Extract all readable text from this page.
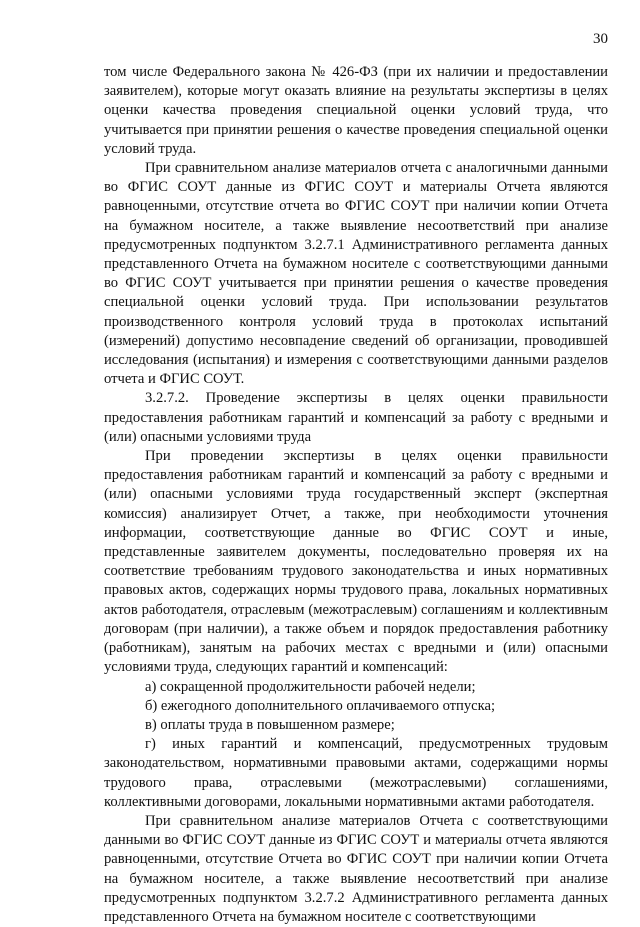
30

том числе Федерального закона № 426-ФЗ (при их наличии и предоставлении заявителем), которые могут оказать влияние на результаты экспертизы в целях оценки качества проведения специальной оценки условий труда, что учитывается при принятии решения о качестве проведения специальной оценки условий труда.

При сравнительном анализе материалов отчета с аналогичными данными во ФГИС СОУТ данные из ФГИС СОУТ и материалы Отчета являются равноценными, отсутствие отчета во ФГИС СОУТ при наличии копии Отчета на бумажном носителе, а также выявление несоответствий при анализе предусмотренных подпунктом 3.2.7.1 Административного регламента данных представленного Отчета на бумажном носителе с соответствующими данными во ФГИС СОУТ учитывается при принятии решения о качестве проведения специальной оценки условий труда. При использовании результатов производственного контроля условий труда в протоколах испытаний (измерений) допустимо несовпадение сведений об организации, проводившей исследования (испытания) и измерения с соответствующими данными разделов отчета и ФГИС СОУТ.

3.2.7.2. Проведение экспертизы в целях оценки правильности предоставления работникам гарантий и компенсаций за работу с вредными и (или) опасными условиями труда

При проведении экспертизы в целях оценки правильности предоставления работникам гарантий и компенсаций за работу с вредными и (или) опасными условиями труда государственный эксперт (экспертная комиссия) анализирует Отчет, а также, при необходимости уточнения информации, соответствующие данные во ФГИС СОУТ и иные, представленные заявителем документы, последовательно проверяя их на соответствие требованиям трудового законодательства и иных нормативных правовых актов, содержащих нормы трудового права, локальных нормативных актов работодателя, отраслевым (межотраслевым) соглашениям и коллективным договорам (при наличии), а также объем и порядок предоставления работнику (работникам), занятым на рабочих местах с вредными и (или) опасными условиями труда, следующих гарантий и компенсаций:

а) сокращенной продолжительности рабочей недели;

б) ежегодного дополнительного оплачиваемого отпуска;

в) оплаты труда в повышенном размере;

г) иных гарантий и компенсаций, предусмотренных трудовым законодательством, нормативными правовыми актами, содержащими нормы трудового права, отраслевыми (межотраслевыми) соглашениями, коллективными договорами, локальными нормативными актами работодателя.

При сравнительном анализе материалов Отчета с соответствующими данными во ФГИС СОУТ данные из ФГИС СОУТ и материалы отчета являются равноценными, отсутствие Отчета во ФГИС СОУТ при наличии копии Отчета на бумажном носителе, а также выявление несоответствий при анализе предусмотренных подпунктом 3.2.7.2 Административного регламента данных представленного Отчета на бумажном носителе с соответствующими
